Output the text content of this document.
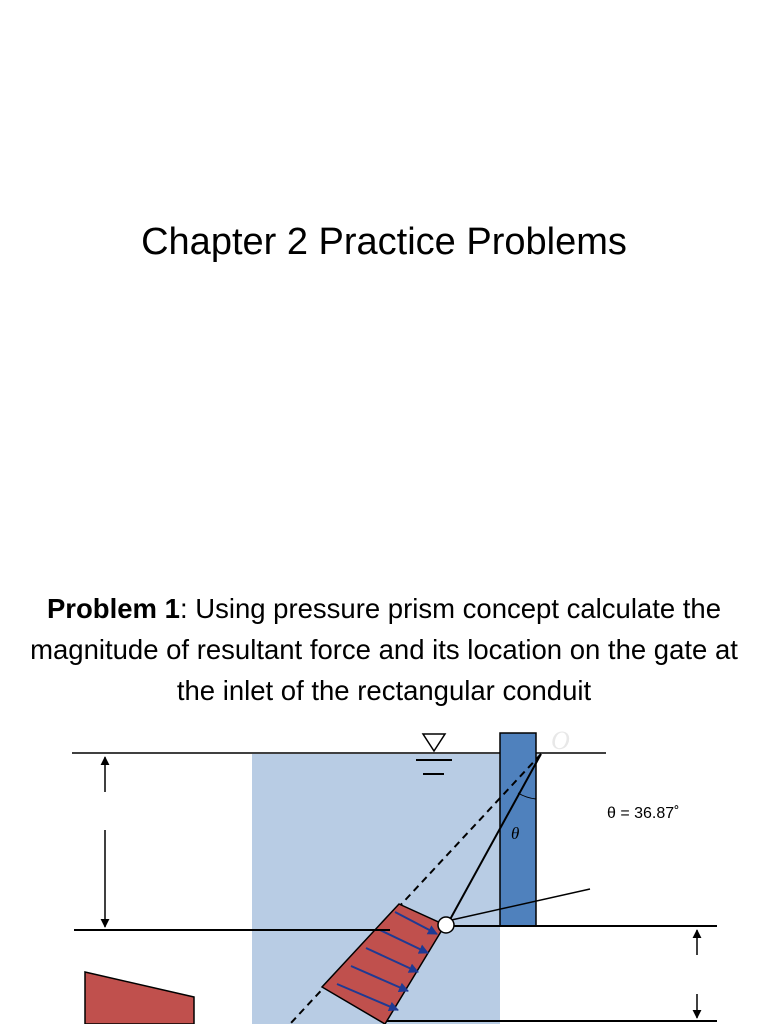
Chapter 2 Practice Problems
Problem 1: Using pressure prism concept calculate the magnitude of resultant force and its location on the gate at the inlet of the rectangular conduit
O
θ
θ = 36.87˚
